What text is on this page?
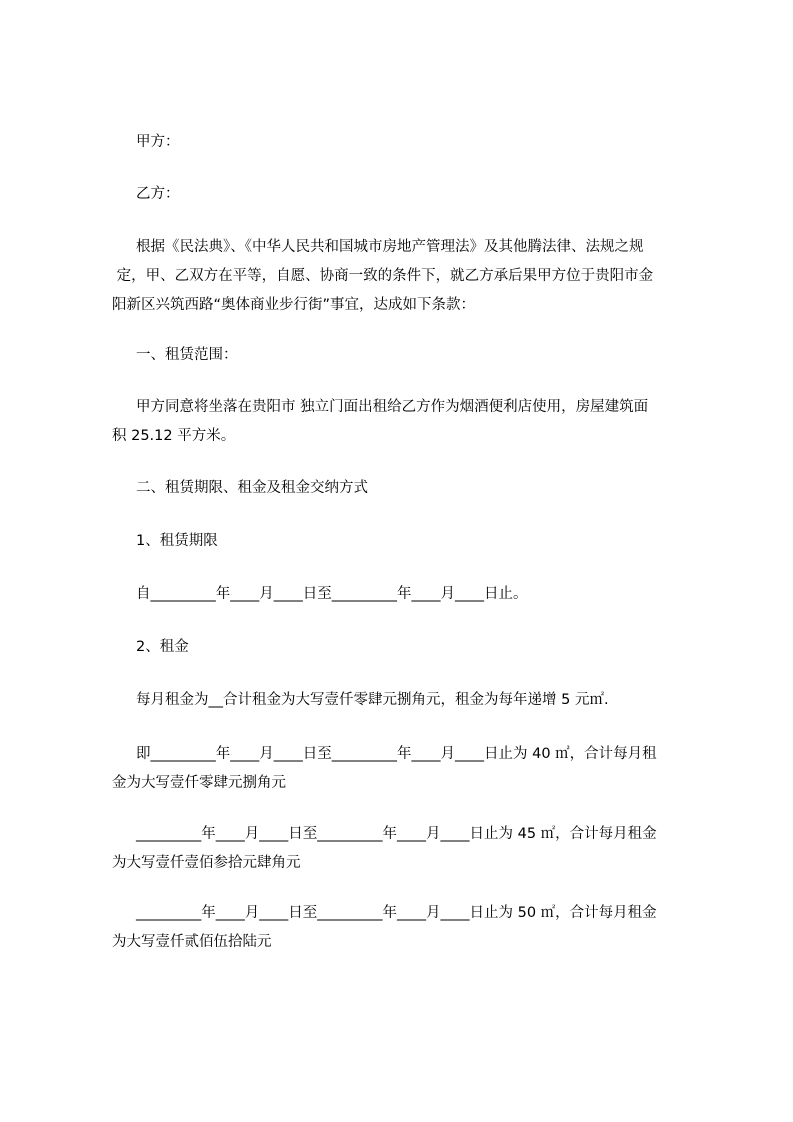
甲方：
乙方：
根据《民法典》、《中华人民共和国城市房地产管理法》及其他腾法律、法规之规
定，甲、乙双方在平等，自愿、协商一致的条件下，就乙方承后果甲方位于贵阳市金
阳新区兴筑西路“奥体商业步行街”事宜，达成如下条款：
一、租赁范围：
甲方同意将坐落在贵阳市 独立门面出租给乙方作为烟酒便利店使用，房屋建筑面
积 25.12 平方米。
二、租赁期限、租金及租金交纳方式
1、租赁期限
自_________年____月____日至_________年____月____日止。
2、租金
每月租金为__合计租金为大写壹仟零肆元捌角元，租金为每年递增 5 元㎡.
即_________年____月____日至_________年____月____日止为 40 ㎡，合计每月租
金为大写壹仟零肆元捌角元
_________年____月____日至_________年____月____日止为 45 ㎡，合计每月租金
为大写壹仟壹佰参拾元肆角元
_________年____月____日至_________年____月____日止为 50 ㎡，合计每月租金
为大写壹仟贰佰伍拾陆元
